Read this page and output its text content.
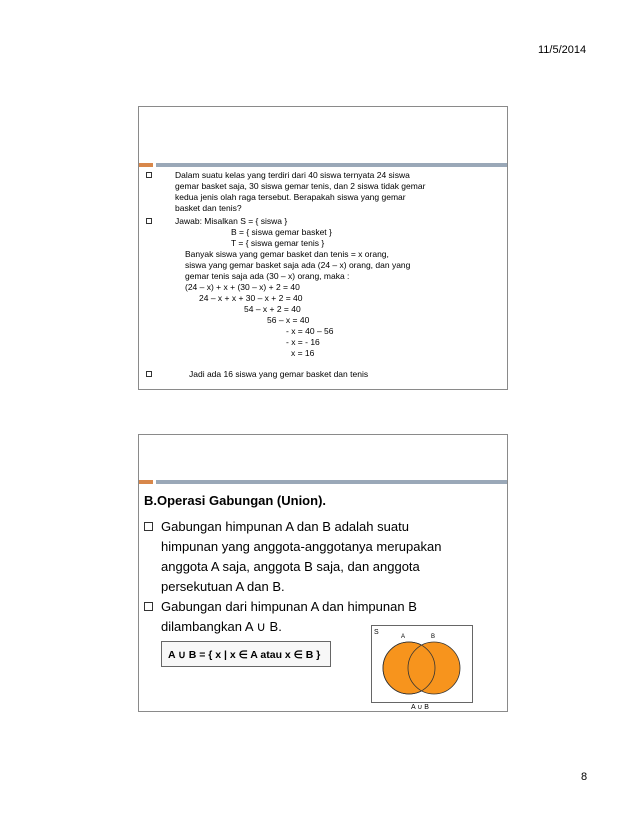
11/5/2014
Dalam suatu kelas yang terdiri dari 40 siswa ternyata 24 siswa
gemar basket saja, 30 siswa gemar tenis, dan 2 siswa tidak gemar
kedua jenis olah raga tersebut. Berapakah siswa yang gemar
basket dan tenis?
Jawab: Misalkan S = { siswa }
B = { siswa gemar basket }
T = { siswa gemar tenis }
Banyak siswa yang gemar basket dan tenis = x orang,
siswa yang gemar basket saja ada (24 – x) orang, dan yang
gemar tenis saja ada (30 – x) orang, maka :
(24 – x) + x + (30 – x) + 2 = 40
24 – x + x + 30 – x + 2 = 40
54 – x + 2 = 40
56 – x = 40
- x = 40 – 56
- x = - 16
x = 16
Jadi ada 16 siswa yang gemar basket dan tenis
B.Operasi Gabungan (Union).
Gabungan himpunan A dan B adalah suatu
himpunan yang anggota-anggotanya merupakan
anggota A saja, anggota B saja, dan anggota
persekutuan A dan B.
Gabungan dari himpunan A dan himpunan B
dilambangkan A ∪ B.
A ∪ B = { x | x ∈ A atau x ∈ B }
S
A	B
A ∪ B
8
